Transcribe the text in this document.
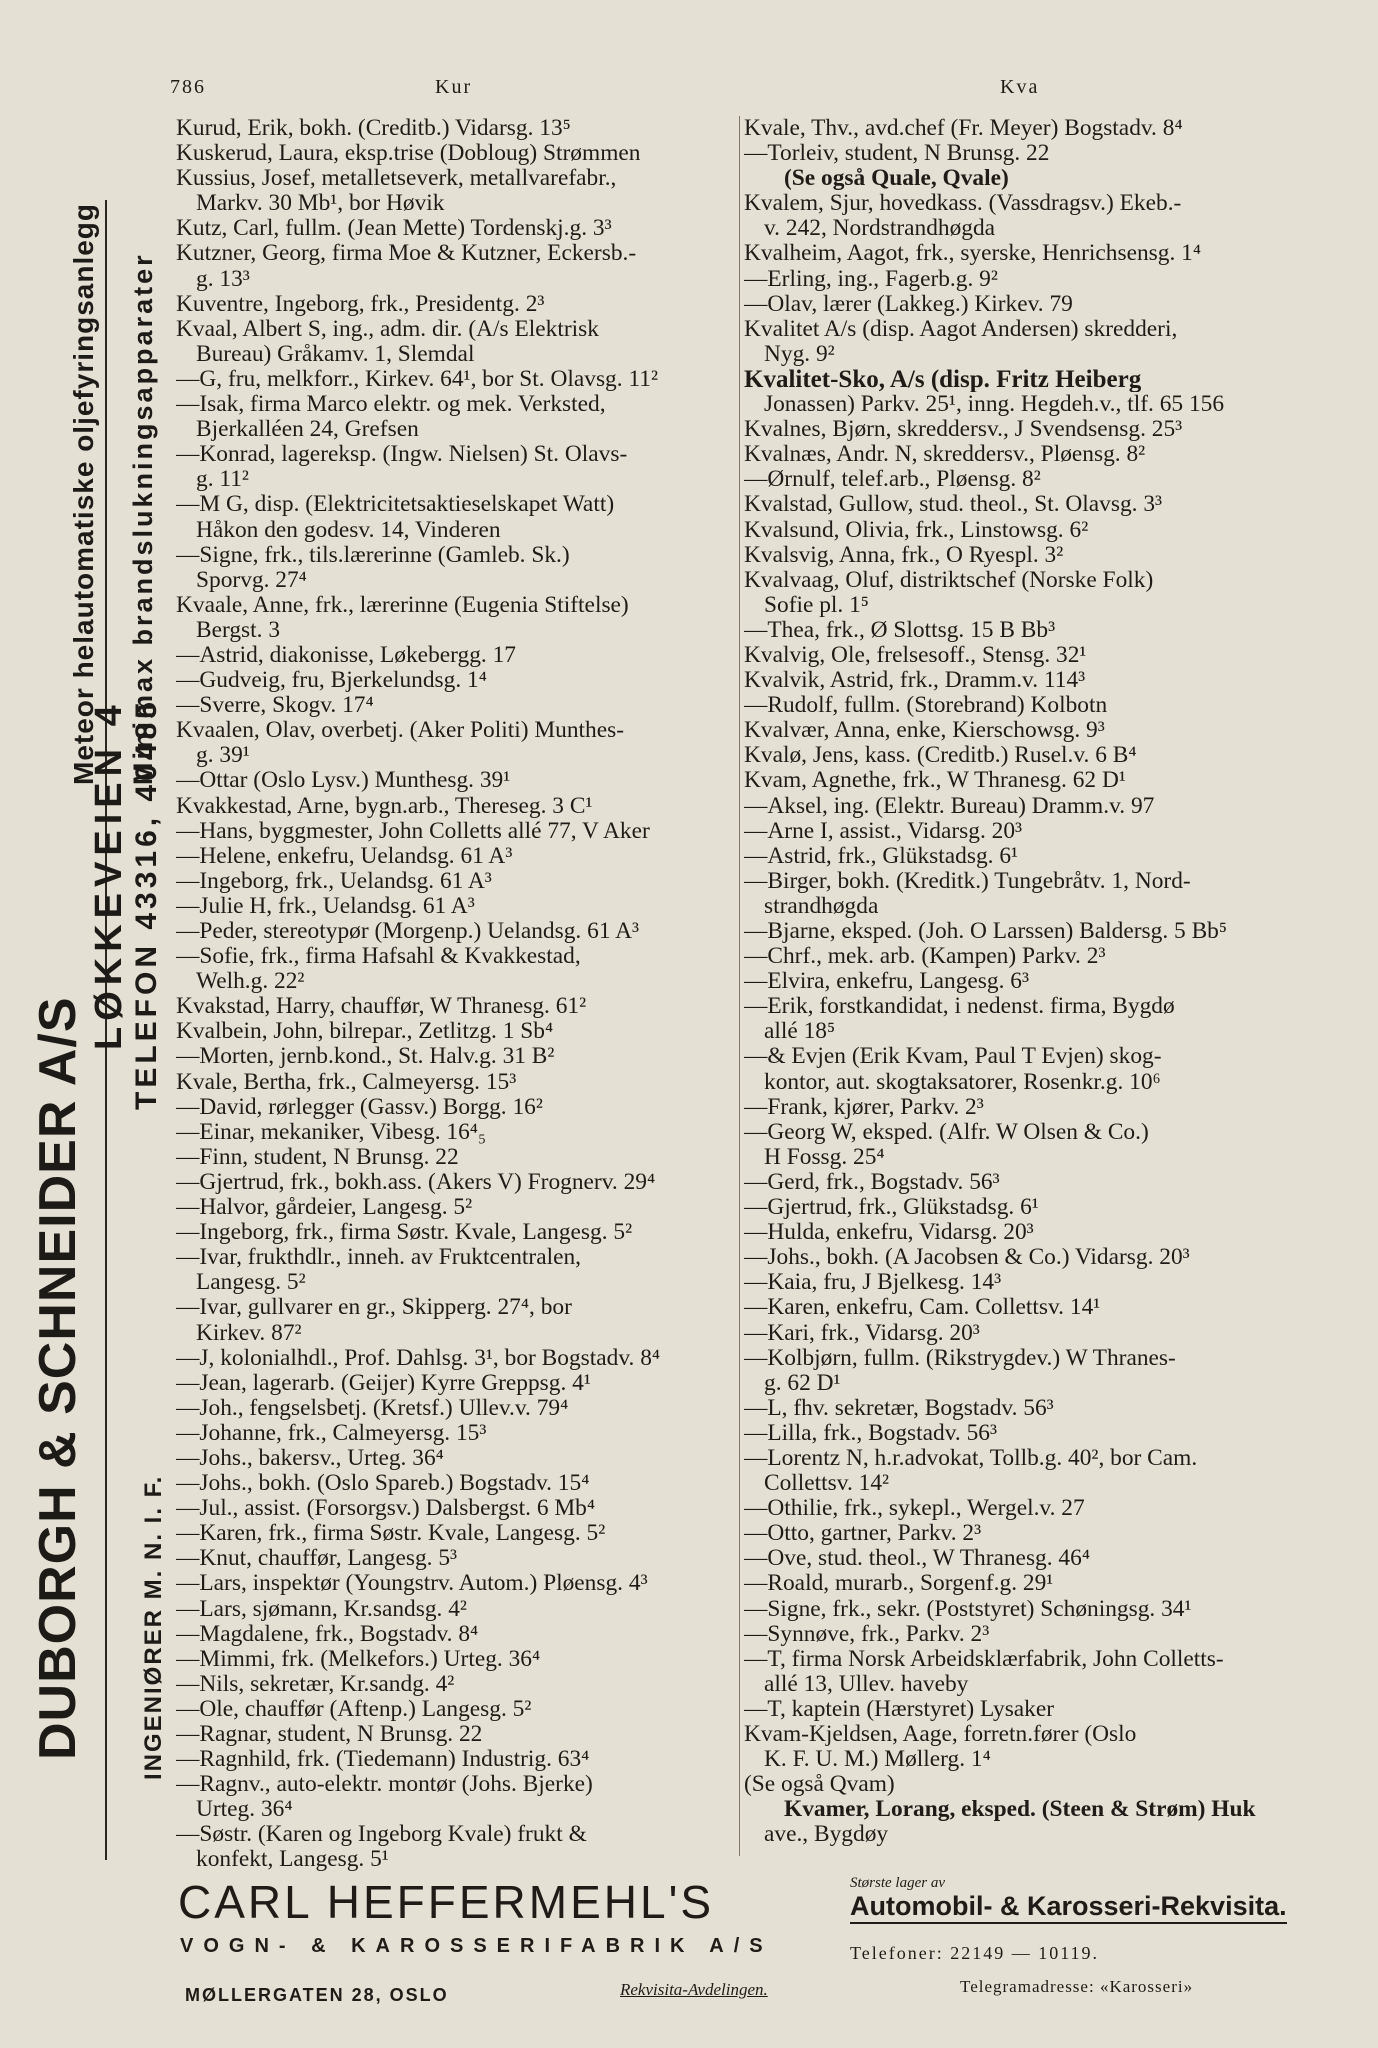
786	Kur	Kva
DUBORGH & SCHNEIDER A/S
LØKKEVEIEN 4 TELEFON 43316, 40485
Meteor helautomatiske oljefyringsanlegg Minimax brandslukningsapparater
INGENIØRER M. N. I. F.
Kurud, Erik, bokh. (Creditb.) Vidarsg. 13⁵
Kuskerud, Laura, eksp.trise (Dobloug) Strømmen
Kussius, Josef, metalletseverk, metallvarefabr.,
Markv. 30 Mb¹, bor Høvik
Kutz, Carl, fullm. (Jean Mette) Tordenskj.g. 3³
Kutzner, Georg, firma Moe & Kutzner, Eckersb.-
g. 13³
Kuventre, Ingeborg, frk., Presidentg. 2³
Kvaal, Albert S, ing., adm. dir. (A/s Elektrisk
Bureau) Gråkamv. 1, Slemdal
—G, fru, melkforr., Kirkev. 64¹, bor St. Olavsg. 11²
—Isak, firma Marco elektr. og mek. Verksted,
Bjerkalléen 24, Grefsen
—Konrad, lagereksp. (Ingw. Nielsen) St. Olavs-
g. 11²
—M G, disp. (Elektricitetsaktieselskapet Watt)
Håkon den godesv. 14, Vinderen
—Signe, frk., tils.lærerinne (Gamleb. Sk.)
Sporvg. 27⁴
Kvaale, Anne, frk., lærerinne (Eugenia Stiftelse)
Bergst. 3
—Astrid, diakonisse, Løkebergg. 17
—Gudveig, fru, Bjerkelundsg. 1⁴
—Sverre, Skogv. 17⁴
Kvaalen, Olav, overbetj. (Aker Politi) Munthes-
g. 39¹
—Ottar (Oslo Lysv.) Munthesg. 39¹
Kvakkestad, Arne, bygn.arb., Thereseg. 3 C¹
—Hans, byggmester, John Colletts allé 77, V Aker
—Helene, enkefru, Uelandsg. 61 A³
—Ingeborg, frk., Uelandsg. 61 A³
—Julie H, frk., Uelandsg. 61 A³
—Peder, stereotypør (Morgenp.) Uelandsg. 61 A³
—Sofie, frk., firma Hafsahl & Kvakkestad,
Welh.g. 22²
Kvakstad, Harry, chauffør, W Thranesg. 61²
Kvalbein, John, bilrepar., Zetlitzg. 1 Sb⁴
—Morten, jernb.kond., St. Halv.g. 31 B²
Kvale, Bertha, frk., Calmeyersg. 15³
—David, rørlegger (Gassv.) Borgg. 16²
—Einar, mekaniker, Vibesg. 16⁴₅
—Finn, student, N Brunsg. 22
—Gjertrud, frk., bokh.ass. (Akers V) Frognerv. 29⁴
—Halvor, gårdeier, Langesg. 5²
—Ingeborg, frk., firma Søstr. Kvale, Langesg. 5²
—Ivar, frukthdlr., inneh. av Fruktcentralen,
Langesg. 5²
—Ivar, gullvarer en gr., Skipperg. 27⁴, bor
Kirkev. 87²
—J, kolonialhdl., Prof. Dahlsg. 3¹, bor Bogstadv. 8⁴
—Jean, lagerarb. (Geijer) Kyrre Greppsg. 4¹
—Joh., fengselsbetj. (Kretsf.) Ullev.v. 79⁴
—Johanne, frk., Calmeyersg. 15³
—Johs., bakersv., Urteg. 36⁴
—Johs., bokh. (Oslo Spareb.) Bogstadv. 15⁴
—Jul., assist. (Forsorgsv.) Dalsbergst. 6 Mb⁴
—Karen, frk., firma Søstr. Kvale, Langesg. 5²
—Knut, chauffør, Langesg. 5³
—Lars, inspektør (Youngstrv. Autom.) Pløensg. 4³
—Lars, sjømann, Kr.sandsg. 4²
—Magdalene, frk., Bogstadv. 8⁴
—Mimmi, frk. (Melkefors.) Urteg. 36⁴
—Nils, sekretær, Kr.sandg. 4²
—Ole, chauffør (Aftenp.) Langesg. 5²
—Ragnar, student, N Brunsg. 22
—Ragnhild, frk. (Tiedemann) Industrig. 63⁴
—Ragnv., auto-elektr. montør (Johs. Bjerke)
Urteg. 36⁴
—Søstr. (Karen og Ingeborg Kvale) frukt &
konfekt, Langesg. 5¹
Kvale, Thv., avd.chef (Fr. Meyer) Bogstadv. 8⁴
—Torleiv, student, N Brunsg. 22
(Se også Quale, Qvale)
Kvalem, Sjur, hovedkass. (Vassdragsv.) Ekeb.-
v. 242, Nordstrandhøgda
Kvalheim, Aagot, frk., syerske, Henrichsensg. 1⁴
—Erling, ing., Fagerb.g. 9²
—Olav, lærer (Lakkeg.) Kirkev. 79
Kvalitet A/s (disp. Aagot Andersen) skredderi,
Nyg. 9²
Kvalitet-Sko, A/s (disp. Fritz Heiberg
Jonassen) Parkv. 25¹, inng. Hegdeh.v., tlf. 65 156
Kvalnes, Bjørn, skreddersv., J Svendsensg. 25³
Kvalnæs, Andr. N, skreddersv., Pløensg. 8²
—Ørnulf, telef.arb., Pløensg. 8²
Kvalstad, Gullow, stud. theol., St. Olavsg. 3³
Kvalsund, Olivia, frk., Linstowsg. 6²
Kvalsvig, Anna, frk., O Ryespl. 3²
Kvalvaag, Oluf, distriktschef (Norske Folk)
Sofie pl. 1⁵
—Thea, frk., Ø Slottsg. 15 B Bb³
Kvalvig, Ole, frelsesoff., Stensg. 32¹
Kvalvik, Astrid, frk., Dramm.v. 114³
—Rudolf, fullm. (Storebrand) Kolbotn
Kvalvær, Anna, enke, Kierschowsg. 9³
Kvalø, Jens, kass. (Creditb.) Rusel.v. 6 B⁴
Kvam, Agnethe, frk., W Thranesg. 62 D¹
—Aksel, ing. (Elektr. Bureau) Dramm.v. 97
—Arne I, assist., Vidarsg. 20³
—Astrid, frk., Glükstadsg. 6¹
—Birger, bokh. (Kreditk.) Tungebråtv. 1, Nord-
strandhøgda
—Bjarne, eksped. (Joh. O Larssen) Baldersg. 5 Bb⁵
—Chrf., mek. arb. (Kampen) Parkv. 2³
—Elvira, enkefru, Langesg. 6³
—Erik, forstkandidat, i nedenst. firma, Bygdø
allé 18⁵
—& Evjen (Erik Kvam, Paul T Evjen) skog-
kontor, aut. skogtaksatorer, Rosenkr.g. 10⁶
—Frank, kjører, Parkv. 2³
—Georg W, eksped. (Alfr. W Olsen & Co.)
H Fossg. 25⁴
—Gerd, frk., Bogstadv. 56³
—Gjertrud, frk., Glükstadsg. 6¹
—Hulda, enkefru, Vidarsg. 20³
—Johs., bokh. (A Jacobsen & Co.) Vidarsg. 20³
—Kaia, fru, J Bjelkesg. 14³
—Karen, enkefru, Cam. Collettsv. 14¹
—Kari, frk., Vidarsg. 20³
—Kolbjørn, fullm. (Rikstrygdev.) W Thranes-
g. 62 D¹
—L, fhv. sekretær, Bogstadv. 56³
—Lilla, frk., Bogstadv. 56³
—Lorentz N, h.r.advokat, Tollb.g. 40², bor Cam.
Collettsv. 14²
—Othilie, frk., sykepl., Wergel.v. 27
—Otto, gartner, Parkv. 2³
—Ove, stud. theol., W Thranesg. 46⁴
—Roald, murarb., Sorgenf.g. 29¹
—Signe, frk., sekr. (Poststyret) Schøningsg. 34¹
—Synnøve, frk., Parkv. 2³
—T, firma Norsk Arbeidsklærfabrik, John Colletts-
allé 13, Ullev. haveby
—T, kaptein (Hærstyret) Lysaker
Kvam-Kjeldsen, Aage, forretn.fører (Oslo
K. F. U. M.) Møllerg. 1⁴
(Se også Qvam)
Kvamer, Lorang, eksped. (Steen & Strøm) Huk
ave., Bygdøy
CARL HEFFERMEHL'S
VOGN- & KAROSSERIFABRIK A/S
MØLLERGATEN 28, OSLO	Rekvisita-Avdelingen.
Største lager av
Automobil- & Karosseri-Rekvisita.
Telefoner: 22149 — 10119.
Telegramadresse: «Karosseri»
